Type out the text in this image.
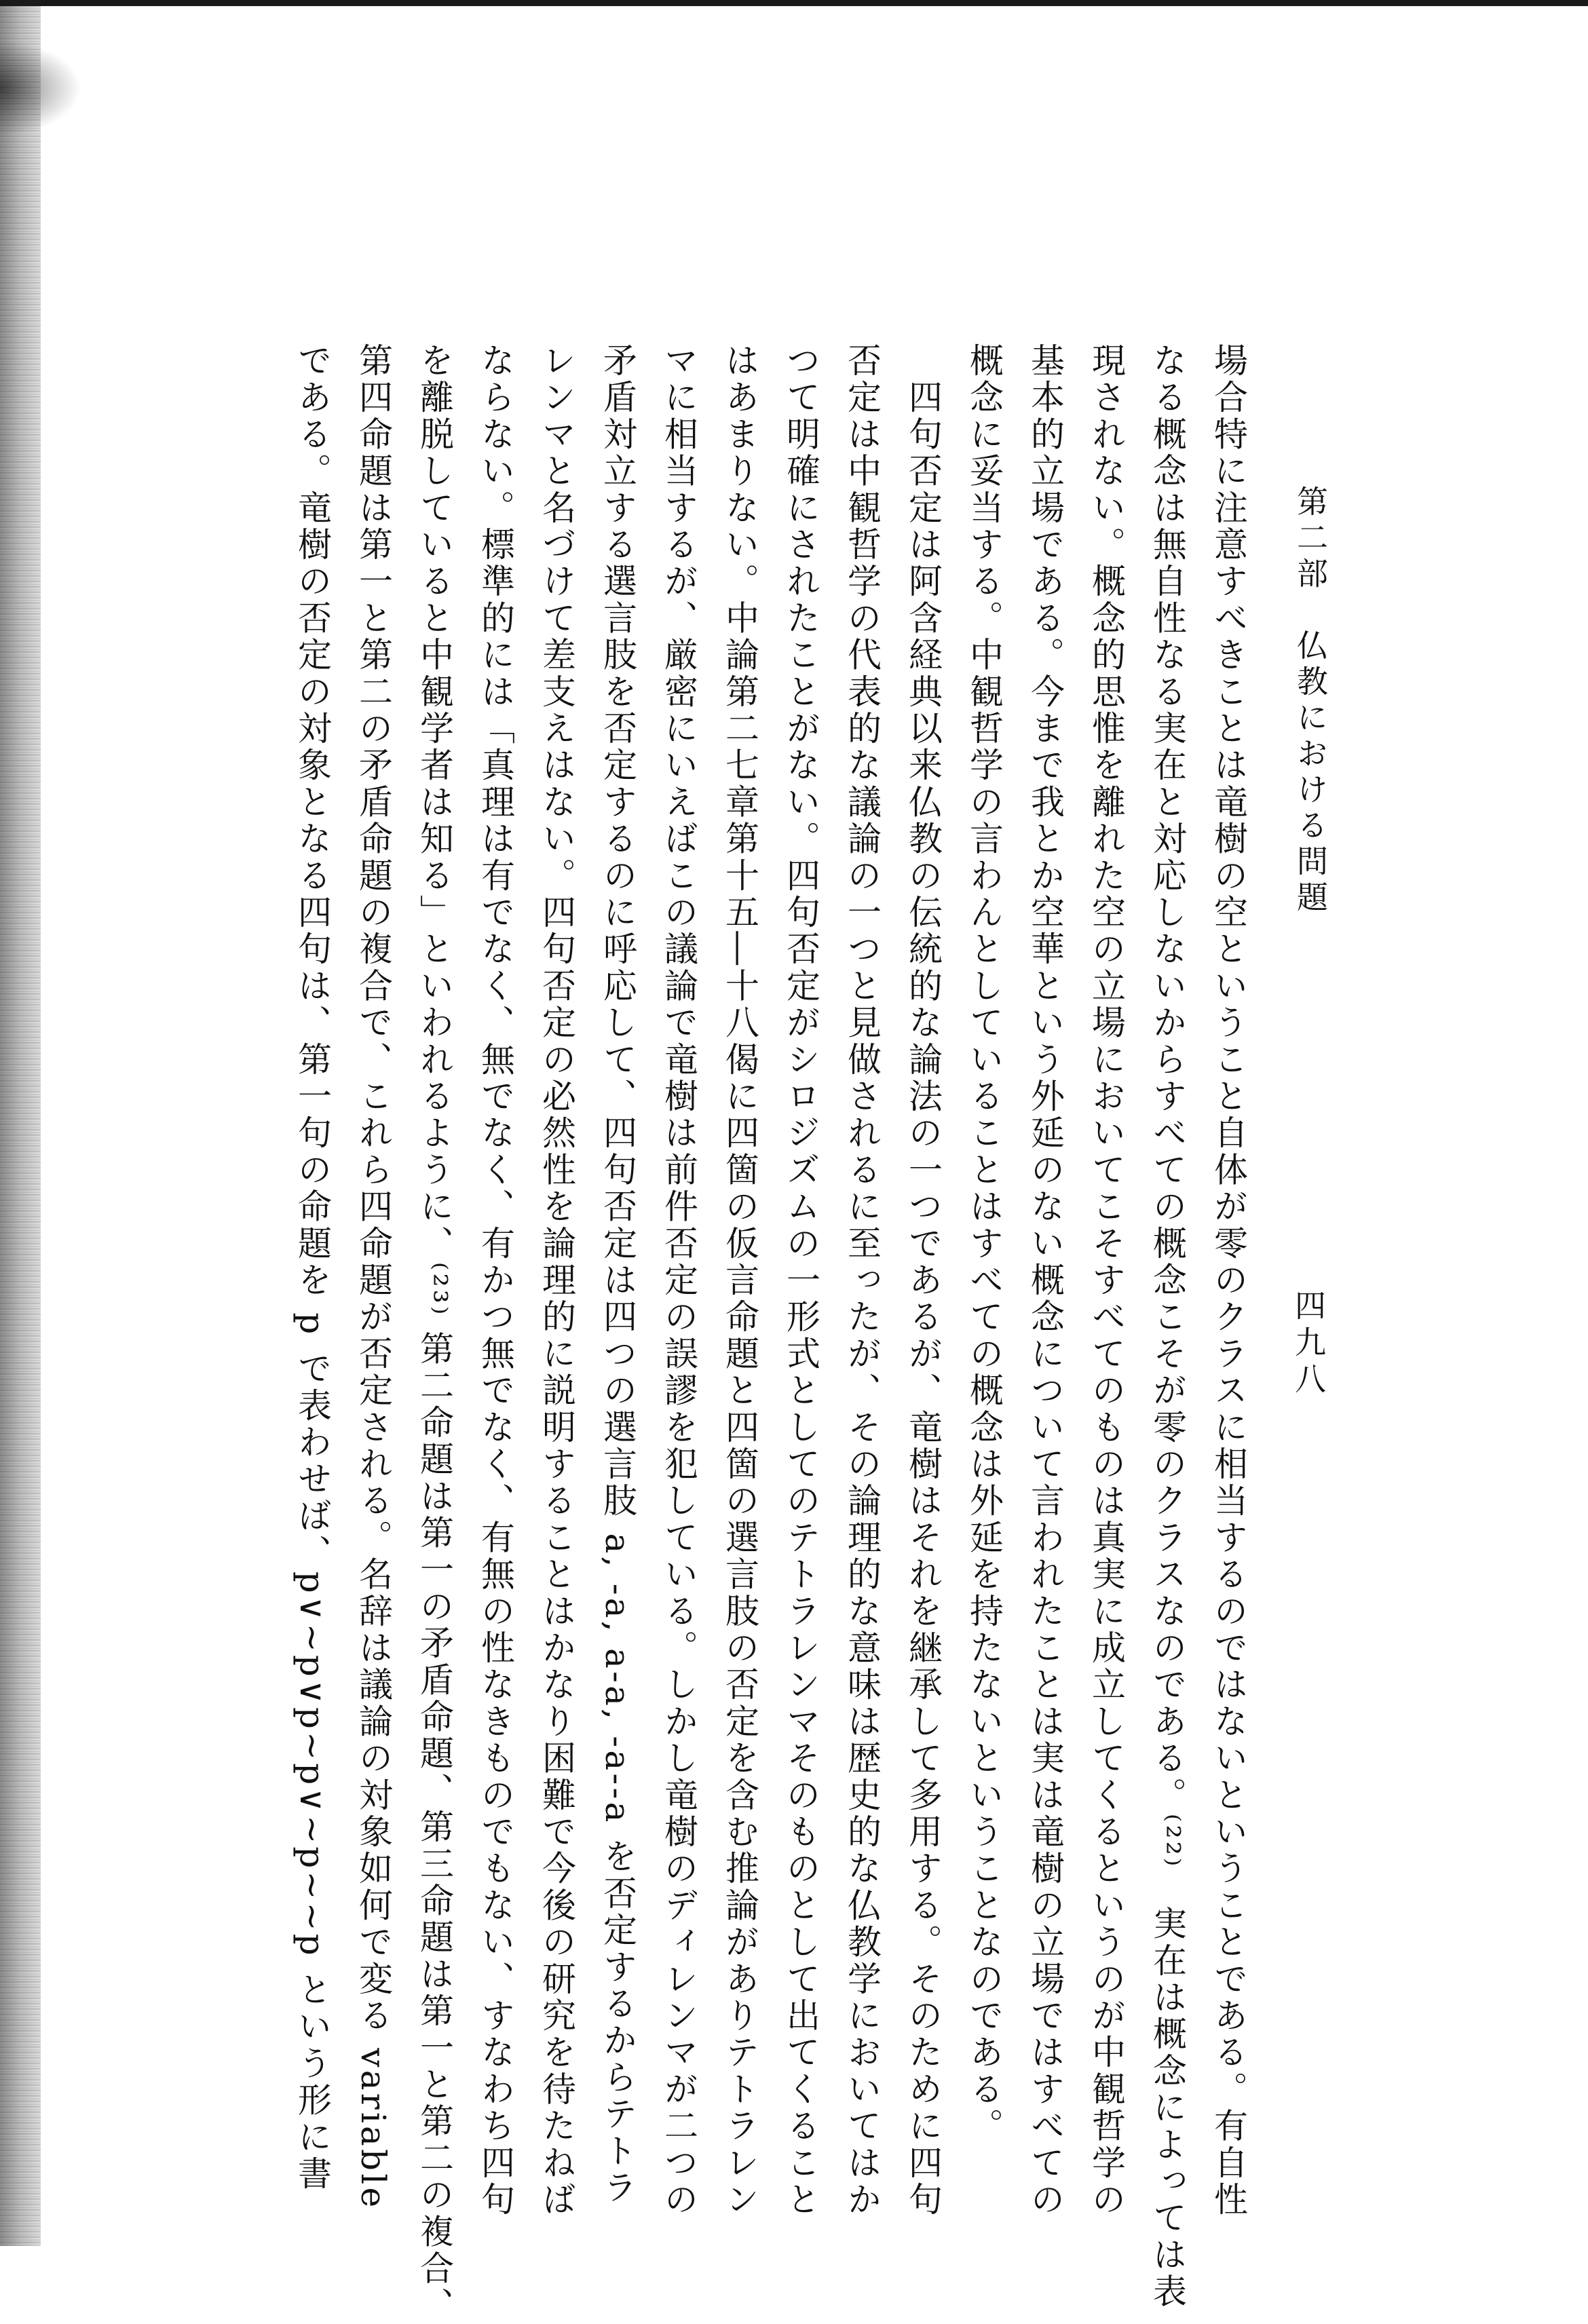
第二部　仏教における問題
四九八
場合特に注意すべきことは竜樹の空ということ自体が零のクラスに相当するのではないということである。有自性
なる概念は無自性なる実在と対応しないからすべての概念こそが零のクラスなのである。⁽²²⁾　実在は概念によっては表
現されない。概念的思惟を離れた空の立場においてこそすべてのものは真実に成立してくるというのが中観哲学の
基本的立場である。今まで我とか空華という外延のない概念について言われたことは実は竜樹の立場ではすべての
概念に妥当する。中観哲学の言わんとしていることはすべての概念は外延を持たないということなのである。
　四句否定は阿含経典以来仏教の伝統的な論法の一つであるが、竜樹はそれを継承して多用する。そのために四句
否定は中観哲学の代表的な議論の一つと見做されるに至ったが、その論理的な意味は歴史的な仏教学においてはか
つて明確にされたことがない。四句否定がシロジズムの一形式としてのテトラレンマそのものとして出てくること
はあまりない。中論第二七章第十五―十八偈に四箇の仮言命題と四箇の選言肢の否定を含む推論がありテトラレン
マに相当するが、厳密にいえばこの議論で竜樹は前件否定の誤謬を犯している。しかし竜樹のディレンマが二つの
矛盾対立する選言肢を否定するのに呼応して、四句否定は四つの選言肢 a, -a, a-a, -a--a を否定するからテトラ
レンマと名づけて差支えはない。四句否定の必然性を論理的に説明することはかなり困難で今後の研究を待たねば
ならない。標準的には「真理は有でなく、無でなく、有かつ無でなく、有無の性なきものでもない、すなわち四句
を離脱していると中観学者は知る」といわれるように、⁽²³⁾ 第二命題は第一の矛盾命題、第三命題は第一と第二の複合、
第四命題は第一と第二の矛盾命題の複合で、これら四命題が否定される。名辞は議論の対象如何で変る variable
である。竜樹の否定の対象となる四句は、第一句の命題を p で表わせば、p∨~p∨p~p∨~p~~p という形に書
